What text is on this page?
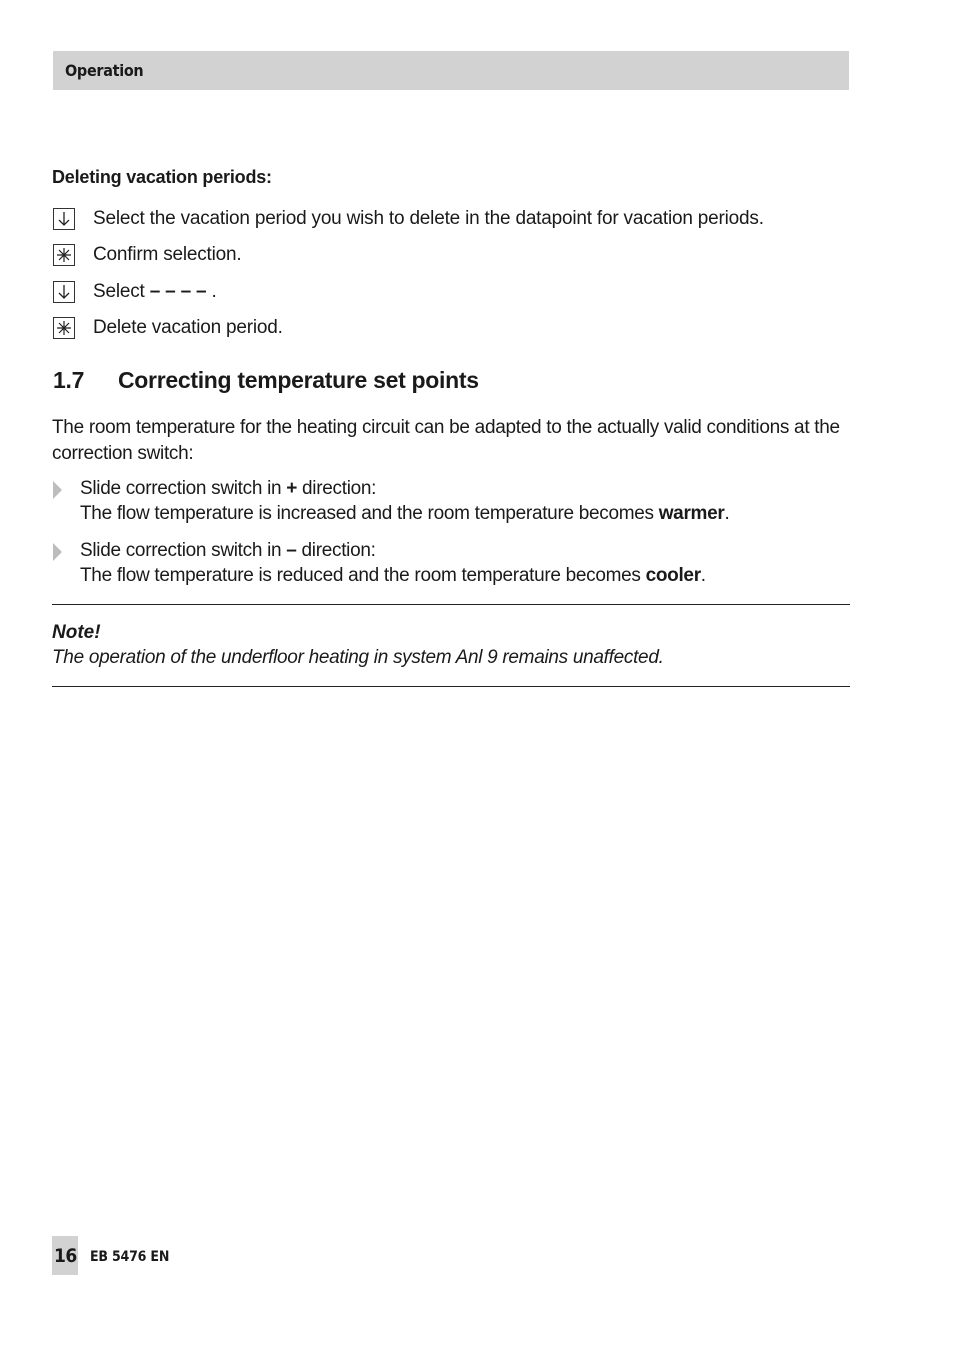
Operation
Deleting vacation periods:
Select the vacation period you wish to delete in the datapoint for vacation periods.
Confirm selection.
Select – – – – .
Delete vacation period.
1.7	Correcting temperature set points
The room temperature for the heating circuit can be adapted to the actually valid conditions at the correction switch:
Slide correction switch in + direction:
The flow temperature is increased and the room temperature becomes warmer.
Slide correction switch in – direction:
The flow temperature is reduced and the room temperature becomes cooler.
Note!
The operation of the underfloor heating in system Anl 9 remains unaffected.
16 EB 5476 EN
